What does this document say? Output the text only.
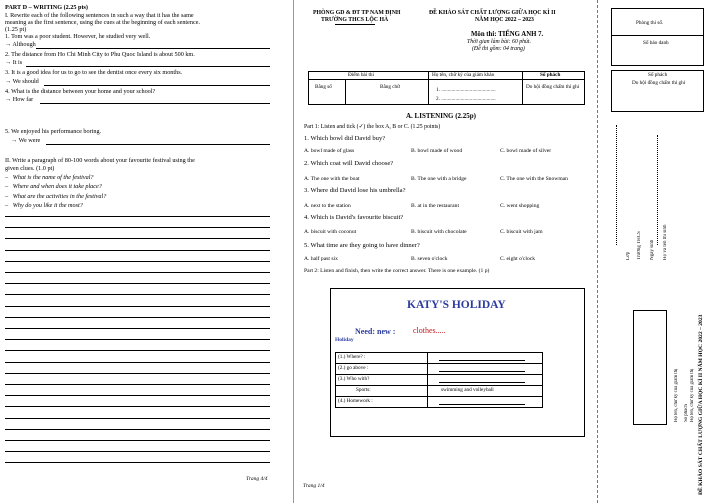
PART D – WRITING (2.25 pts)
I. Rewrite each of the following sentences in such a way that it has the same
meaning as the first sentence, using the cues at the beginning of each sentence.
(1.25 pt)
1. Tom was a poor student. However, he studied very well.
→ Although
2. The distance from Ho Chi Minh City to Phu Quoc Island is about 500 km.
→ It is
3. It is a good idea for us to go to see the dentist once every six months.
→ We should
4. What is the distance between your home and your school?
→ How far
5. We enjoyed his performance boring.
→ We were
II. Write a paragraph of 80-100 words about your favourite festival using the
given clues. (1.0 pt)
–   What is the name of the festival?
–   Where and when does it take place?
–   What are the activities in the festival?
–   Why do you like it the most?
Trang 4/4
PHÒNG GD & ĐT TP NAM ĐỊNH
TRƯỜNG THCS LỘC HÀ
ĐỀ KHẢO SÁT CHẤT LƯỢNG GIỮA HỌC KÌ II
NĂM HỌC 2022 – 2023
Môn thi: TIẾNG ANH 7.
Thời gian làm bài: 60 phút.
(Đề thi gồm: 04 trang)
Điểm bài thi
Bằng số	Bằng chữ
Họ tên, chữ ký của giám khảo
1. ..........................................
2. ..........................................
Số phách
Do hội đồng chấm thi ghi
A. LISTENING (2.25p)
Part 1: Listen and tick (✓) the box A, B or C. (1.25 points)
1. Which bowl did David buy?
A. bowl made of glass	B. bowl made of wood	C. bowl made of silver
2. Which coat will David choose?
A. The one with the boat	B. The one with a bridge	C. The one with the Snowman
3. Where did David lose his umbrella?
A. next to the station	B. at in the restaurant	C. went shopping
4. Which is David's favourite biscuit?
A. biscuit with coconut	B. biscuit with chocolate	C. biscuit with jam
5. What time are they going to have dinner?
A. half past six	B. seven o'clock	C. eight o'clock
Part 2: Listen and finish, then write the correct answer. There is one example. (1 p)
KATY'S HOLIDAY
Need: new : clothes.....
Holiday
(1.) Where? :
(2.) go above :
(3.) Who with?
Sports:	swimming and volleyball
(4.) Homework :
Trang 1/4
Phòng thi số.
Số báo danh
Số phách
Do hội đồng chấm thi ghi
Họ và tên thí sinh
Ngày sinh
Trường THCS
Lớp
ĐỀ KHẢO SÁT CHẤT LƯỢNG GIỮA HỌC KÌ II NĂM HỌC 2022 – 2023
Họ tên, chữ ký của giám thị Số phách Họ tên, chữ ký của giám thị
